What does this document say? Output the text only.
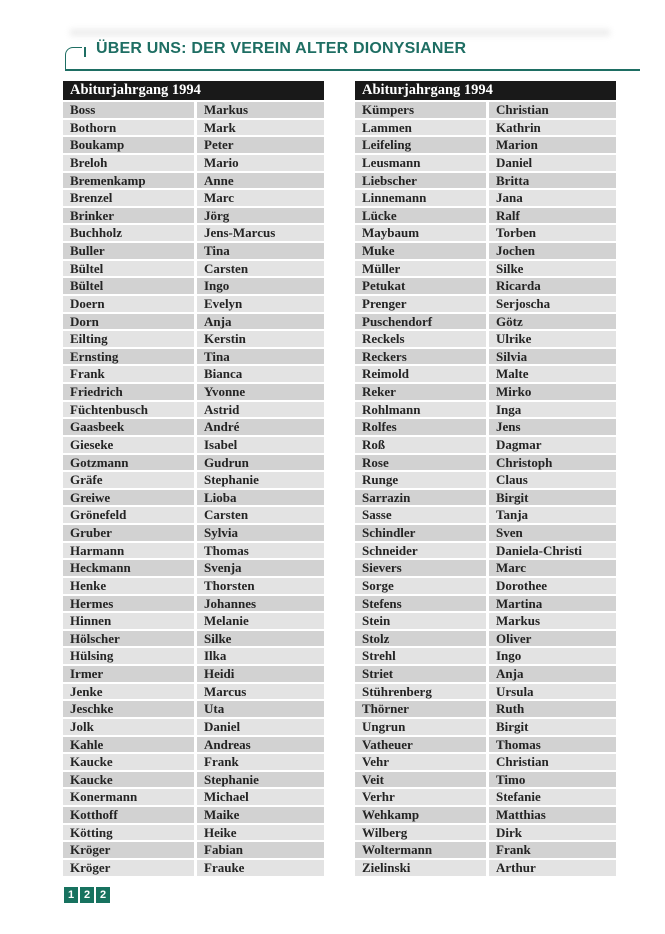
ÜBER UNS: DER VEREIN ALTER DIONYSIANER
Abiturjahrgang 1994
Boss	Markus
Bothorn	Mark
Boukamp	Peter
Breloh	Mario
Bremenkamp	Anne
Brenzel	Marc
Brinker	Jörg
Buchholz	Jens-Marcus
Buller	Tina
Bültel	Carsten
Bültel	Ingo
Doern	Evelyn
Dorn	Anja
Eilting	Kerstin
Ernsting	Tina
Frank	Bianca
Friedrich	Yvonne
Füchtenbusch	Astrid
Gaasbeek	André
Gieseke	Isabel
Gotzmann	Gudrun
Gräfe	Stephanie
Greiwe	Lioba
Grönefeld	Carsten
Gruber	Sylvia
Harmann	Thomas
Heckmann	Svenja
Henke	Thorsten
Hermes	Johannes
Hinnen	Melanie
Hölscher	Silke
Hülsing	Ilka
Irmer	Heidi
Jenke	Marcus
Jeschke	Uta
Jolk	Daniel
Kahle	Andreas
Kaucke	Frank
Kaucke	Stephanie
Konermann	Michael
Kotthoff	Maike
Kötting	Heike
Kröger	Fabian
Kröger	Frauke
Abiturjahrgang 1994
Kümpers	Christian
Lammen	Kathrin
Leifeling	Marion
Leusmann	Daniel
Liebscher	Britta
Linnemann	Jana
Lücke	Ralf
Maybaum	Torben
Muke	Jochen
Müller	Silke
Petukat	Ricarda
Prenger	Serjoscha
Puschendorf	Götz
Reckels	Ulrike
Reckers	Silvia
Reimold	Malte
Reker	Mirko
Rohlmann	Inga
Rolfes	Jens
Roß	Dagmar
Rose	Christoph
Runge	Claus
Sarrazin	Birgit
Sasse	Tanja
Schindler	Sven
Schneider	Daniela-Christi
Sievers	Marc
Sorge	Dorothee
Stefens	Martina
Stein	Markus
Stolz	Oliver
Strehl	Ingo
Striet	Anja
Stührenberg	Ursula
Thörner	Ruth
Ungrun	Birgit
Vatheuer	Thomas
Vehr	Christian
Veit	Timo
Verhr	Stefanie
Wehkamp	Matthias
Wilberg	Dirk
Woltermann	Frank
Zielinski	Arthur
1 2 2
